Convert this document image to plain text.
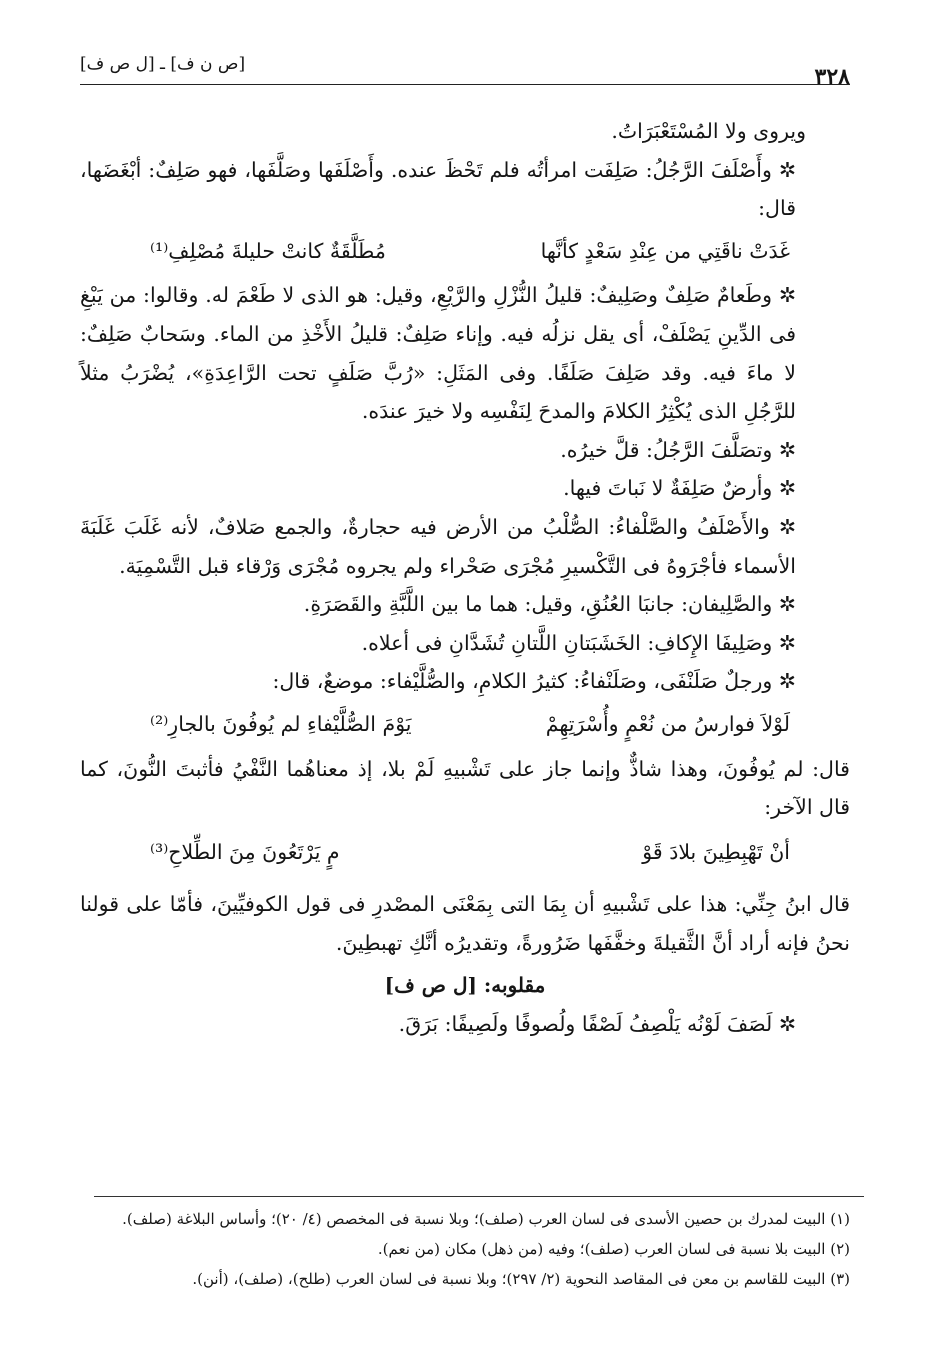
٣٢٨
[ص ن ف] ـ [ل ص ف]

ويروى ولا المُسْتَعْبَرَاتُ.

✲ وأَصْلَفَ الرَّجُلُ: صَلِفَت امرأتُه فلم تَحْظَ عنده. وأَصْلَفَها وصَلَّفَها، فهو صَلِفٌ: أبْغَضَها، قال:

غَدَتْ ناقَتِي من عِنْدِ سَعْدٍ كأنَّها
مُطَلَّقَةٌ كانتْ حليلةَ مُصْلِفِ⁽¹⁾

✲ وطَعامٌ صَلِفٌ وصَلِيفٌ: قليلُ النُّزْلِ والرَّيْعِ، وقيل: هو الذى لا طَعْمَ له. وقالوا: من يَبْغِ فى الدِّينِ يَصْلَفْ، أى يقل نزلُه فيه. وإناء صَلِفٌ: قليلُ الأَخْذِ من الماء. وسَحابٌ صَلِفٌ: لا ماءَ فيه. وقد صَلِفَ صَلَفًا. وفى المَثَلِ: «رُبَّ صَلَفٍ تحت الرَّاعِدَةِ»، يُضْرَبُ مثلاً للرَّجُلِ الذى يُكْثِرُ الكلامَ والمدحَ لِنَفْسِه ولا خيرَ عندَه.

✲ وتصَلَّفَ الرَّجُلُ: قلَّ خيرُه.

✲ وأرضٌ صَلِفَةٌ لا نَباتَ فيها.

✲ والأَصْلَفُ والصَّلْفاءُ: الصُّلْبُ من الأرض فيه حجارةٌ، والجمع صَلافٌ، لأنه غَلَبَ غَلَبَةَ الأسماء فأجْرَوهُ فى التَّكْسيرِ مُجْرَى صَحْراء ولم يجروه مُجْرَى وَرْقاء قبل التَّسْمِيَة.

✲ والصَّلِيفان: جانبَا العُنُقِ، وقيل: هما ما بين اللَّبَّةِ والقَصَرَةِ.

✲ وصَلِيفَا الإِكافِ: الخَشَبَتانِ اللَّتانِ تُشَدَّانِ فى أعلاه.

✲ ورجلٌ صَلَنْفَى، وصَلَنْفاءُ: كثيرُ الكلامِ، والصُّلَّيْفاء: موضعٌ، قال:

لَوْلاَ فوارسُ من نُعْمٍ وأُسْرَتِهِمْ
يَوْمَ الصُّلَّيْفاءِ لم يُوفُونَ بالجارِ⁽²⁾

قال: لم يُوفُونَ، وهذا شاذٌّ وإنما جاز على تَشْبيهِ لَمْ بلا، إذ معناهُما النَّفْيُ فأثبتَ النُّونَ، كما قال الآخر:

أنْ تَهْبِطِينَ بلادَ قَوْ
مٍ يَرْتَعُونَ مِنَ الطِّلاحِ⁽³⁾

قال ابنُ جِنِّي: هذا على تَشْبيهِ أن بِمَا التى بِمَعْنَى المصْدرِ فى قول الكوفيِّينَ، فأمّا على قولنا نحنُ فإنه أراد أنَّ الثَّقيلةَ وخفَّفَها ضَرُورةً، وتقديرُه أنَّكِ تهبطِينَ.

مقلوبه: [ل ص ف]

✲ لَصَفَ لَوْنُه يَلْصِفُ لَصْفًا ولُصوفًا ولَصِيفًا: بَرَقَ.

(١) البيت لمدرك بن حصين الأسدى فى لسان العرب (صلف)؛ وبلا نسبة فى المخصص (٤/ ٢٠)؛ وأساس البلاغة (صلف).

(٢) البيت بلا نسبة فى لسان العرب (صلف)؛ وفيه (من ذهل) مكان (من نعم).

(٣) البيت للقاسم بن معن فى المقاصد النحوية (٢/ ٢٩٧)؛ وبلا نسبة فى لسان العرب (طلح)، (صلف)، (أنن).
